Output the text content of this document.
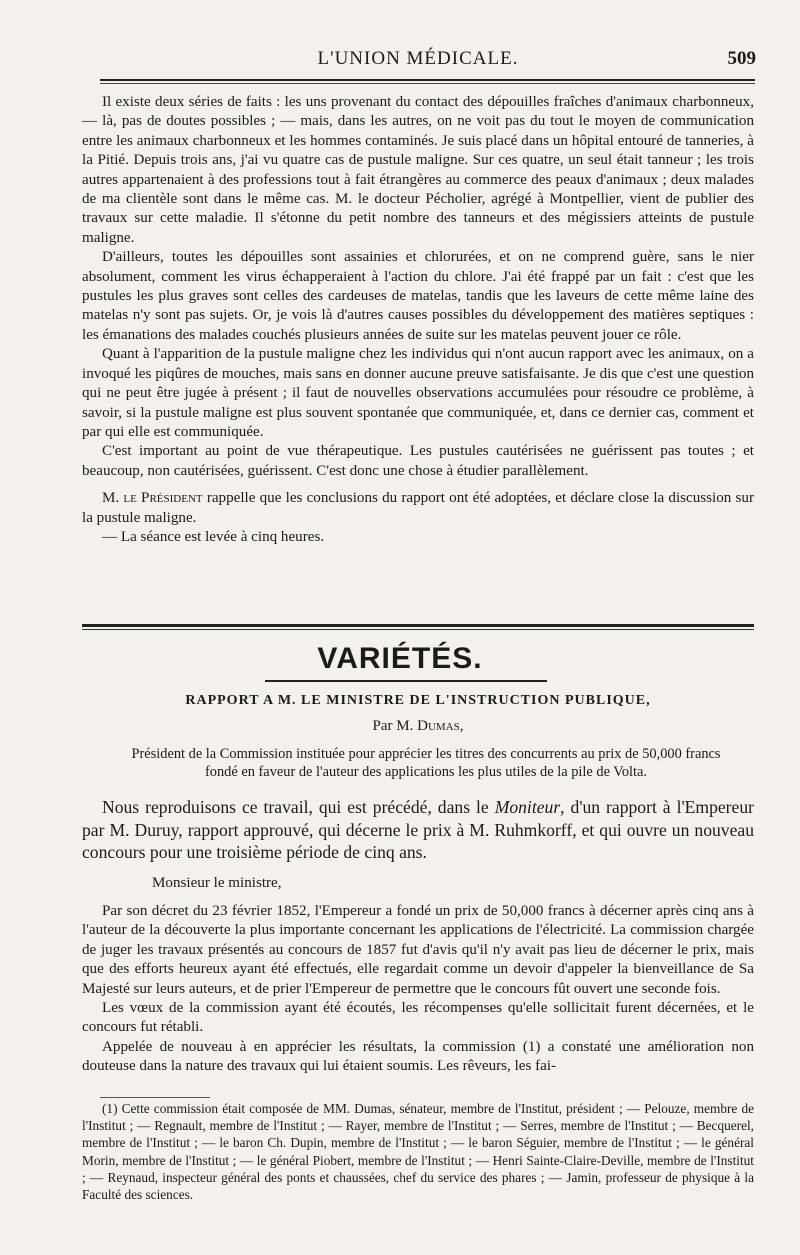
L'UNION MÉDICALE.	509

Il existe deux séries de faits : les uns provenant du contact des dépouilles fraîches d'animaux charbonneux, — là, pas de doutes possibles ; — mais, dans les autres, on ne voit pas du tout le moyen de communication entre les animaux charbonneux et les hommes contaminés. Je suis placé dans un hôpital entouré de tanneries, à la Pitié. Depuis trois ans, j'ai vu quatre cas de pustule maligne. Sur ces quatre, un seul était tanneur ; les trois autres appartenaient à des professions tout à fait étrangères au commerce des peaux d'animaux ; deux malades de ma clientèle sont dans le même cas. M. le docteur Pécholier, agrégé à Montpellier, vient de publier des travaux sur cette maladie. Il s'étonne du petit nombre des tanneurs et des mégissiers atteints de pustule maligne.

D'ailleurs, toutes les dépouilles sont assainies et chlorurées, et on ne comprend guère, sans le nier absolument, comment les virus échapperaient à l'action du chlore. J'ai été frappé par un fait : c'est que les pustules les plus graves sont celles des cardeuses de matelas, tandis que les laveurs de cette même laine des matelas n'y sont pas sujets. Or, je vois là d'autres causes possibles du développement des matières septiques : les émanations des malades couchés plusieurs années de suite sur les matelas peuvent jouer ce rôle.

Quant à l'apparition de la pustule maligne chez les individus qui n'ont aucun rapport avec les animaux, on a invoqué les piqûres de mouches, mais sans en donner aucune preuve satisfaisante. Je dis que c'est une question qui ne peut être jugée à présent ; il faut de nouvelles observations accumulées pour résoudre ce problème, à savoir, si la pustule maligne est plus souvent spontanée que communiquée, et, dans ce dernier cas, comment et par qui elle est communiquée.

C'est important au point de vue thérapeutique. Les pustules cautérisées ne guérissent pas toutes ; et beaucoup, non cautérisées, guérissent. C'est donc une chose à étudier parallèlement.

M. le Président rappelle que les conclusions du rapport ont été adoptées, et déclare close la discussion sur la pustule maligne.

— La séance est levée à cinq heures.

VARIÉTÉS.
RAPPORT A M. LE MINISTRE DE L'INSTRUCTION PUBLIQUE,
Par M. Dumas,
Président de la Commission instituée pour apprécier les titres des concurrents au prix de 50,000 francs
fondé en faveur de l'auteur des applications les plus utiles de la pile de Volta.

Nous reproduisons ce travail, qui est précédé, dans le Moniteur, d'un rapport à l'Empereur par M. Duruy, rapport approuvé, qui décerne le prix à M. Ruhmkorff, et qui ouvre un nouveau concours pour une troisième période de cinq ans.

Monsieur le ministre,

Par son décret du 23 février 1852, l'Empereur a fondé un prix de 50,000 francs à décerner après cinq ans à l'auteur de la découverte la plus importante concernant les applications de l'électricité. La commission chargée de juger les travaux présentés au concours de 1857 fut d'avis qu'il n'y avait pas lieu de décerner le prix, mais que des efforts heureux ayant été effectués, elle regardait comme un devoir d'appeler la bienveillance de Sa Majesté sur leurs auteurs, et de prier l'Empereur de permettre que le concours fût ouvert une seconde fois.

Les vœux de la commission ayant été écoutés, les récompenses qu'elle sollicitait furent décernées, et le concours fut rétabli.

Appelée de nouveau à en apprécier les résultats, la commission (1) a constaté une amélioration non douteuse dans la nature des travaux qui lui étaient soumis. Les rêveurs, les fai-

(1) Cette commission était composée de MM. Dumas, sénateur, membre de l'Institut, président ; — Pelouze, membre de l'Institut ; — Regnault, membre de l'Institut ; — Rayer, membre de l'Institut ; — Serres, membre de l'Institut ; — Becquerel, membre de l'Institut ; — le baron Ch. Dupin, membre de l'Institut ; — le baron Séguier, membre de l'Institut ; — le général Morin, membre de l'Institut ; — le général Piobert, membre de l'Institut ; — Henri Sainte-Claire-Deville, membre de l'Institut ; — Reynaud, inspecteur général des ponts et chaussées, chef du service des phares ; — Jamin, professeur de physique à la Faculté des sciences.
